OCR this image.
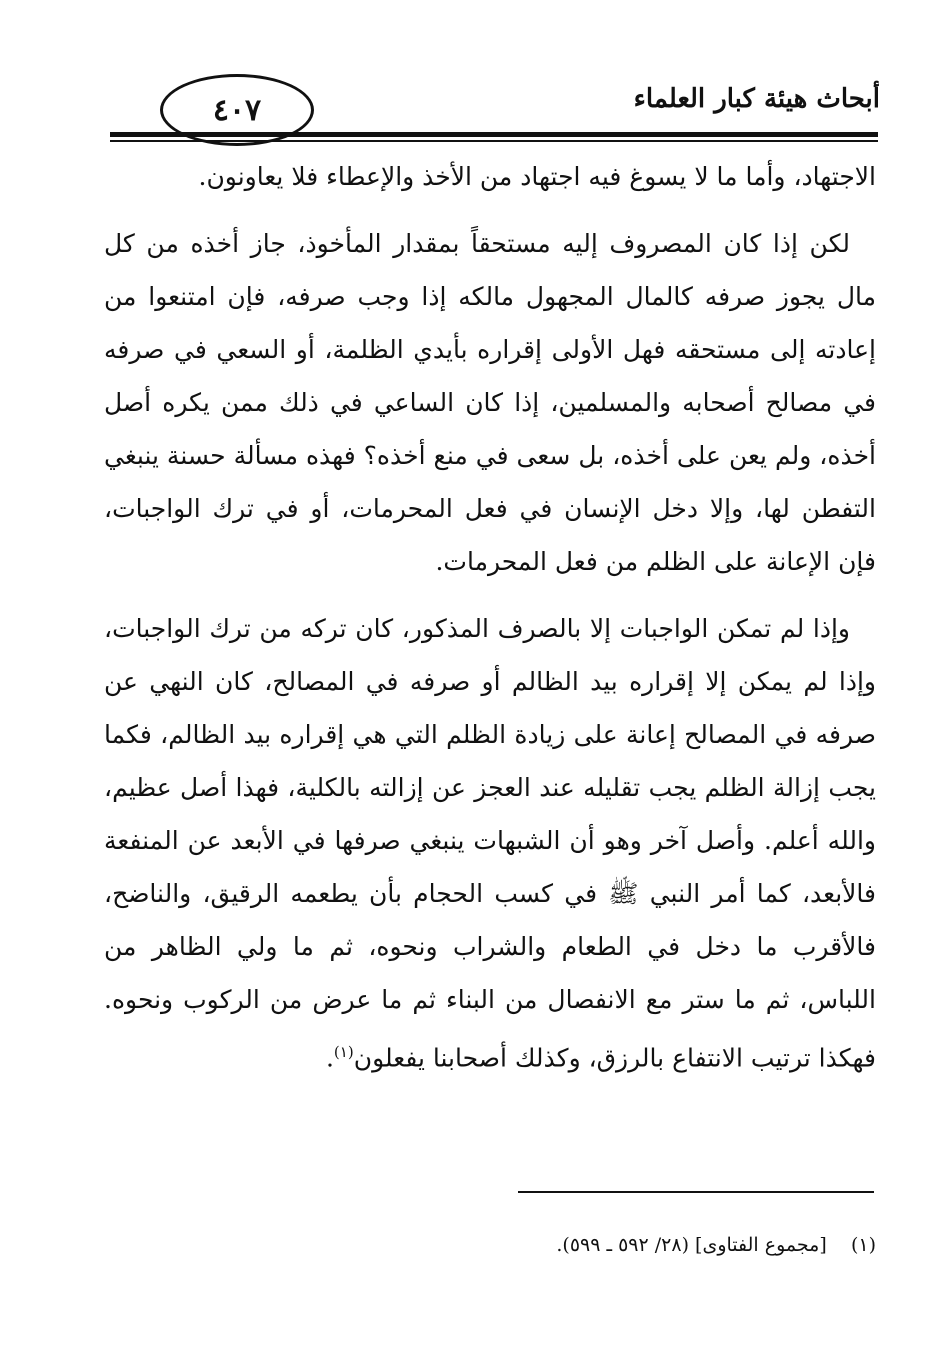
أبحاث هيئة كبار العلماء
٤٠٧

الاجتهاد، وأما ما لا يسوغ فيه اجتهاد من الأخذ والإعطاء فلا يعاونون.

لكن إذا كان المصروف إليه مستحقاً بمقدار المأخوذ، جاز أخذه من كل مال يجوز صرفه كالمال المجهول مالكه إذا وجب صرفه، فإن امتنعوا من إعادته إلى مستحقه فهل الأولى إقراره بأيدي الظلمة، أو السعي في صرفه في مصالح أصحابه والمسلمين، إذا كان الساعي في ذلك ممن يكره أصل أخذه، ولم يعن على أخذه، بل سعى في منع أخذه؟ فهذه مسألة حسنة ينبغي التفطن لها، وإلا دخل الإنسان في فعل المحرمات، أو في ترك الواجبات، فإن الإعانة على الظلم من فعل المحرمات.

وإذا لم تمكن الواجبات إلا بالصرف المذكور، كان تركه من ترك الواجبات، وإذا لم يمكن إلا إقراره بيد الظالم أو صرفه في المصالح، كان النهي عن صرفه في المصالح إعانة على زيادة الظلم التي هي إقراره بيد الظالم، فكما يجب إزالة الظلم يجب تقليله عند العجز عن إزالته بالكلية، فهذا أصل عظيم، والله أعلم. وأصل آخر وهو أن الشبهات ينبغي صرفها في الأبعد عن المنفعة فالأبعد، كما أمر النبي ﷺ في كسب الحجام بأن يطعمه الرقيق، والناضح، فالأقرب ما دخل في الطعام والشراب ونحوه، ثم ما ولي الظاهر من اللباس، ثم ما ستر مع الانفصال من البناء ثم ما عرض من الركوب ونحوه. فهكذا ترتيب الانتفاع بالرزق، وكذلك أصحابنا يفعلون$^{(١)}$.

(١)    [مجموع الفتاوى] (٢٨/ ٥٩٢ ـ ٥٩٩).
